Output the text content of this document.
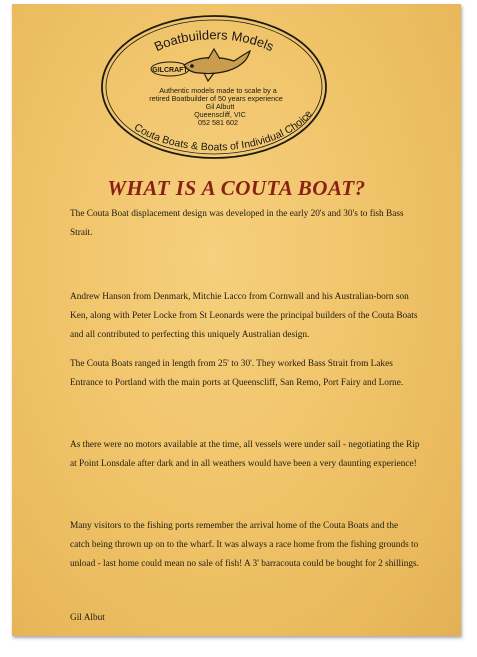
Boatbuilders Models
GILCRAFT
Authentic models made to scale by a
retired Boatbuilder of 50 years experience
Gil Albutt
Queenscliff, VIC
052 581 602
Couta Boats & Boats of Individual Choice
WHAT IS A COUTA BOAT?

The Couta Boat displacement design was developed in the early 20's and 30's to fish Bass Strait.

Andrew Hanson from Denmark, Mitchie Lacco from Cornwall and his Australian-born son Ken, along with Peter Locke from St Leonards were the principal builders of the Couta Boats and all contributed to perfecting this uniquely Australian design.

The Couta Boats ranged in length from 25' to 30'. They worked Bass Strait from Lakes Entrance to Portland with the main ports at Queenscliff, San Remo, Port Fairy and Lorne.

As there were no motors available at the time, all vessels were under sail - negotiating the Rip at Point Lonsdale after dark and in all weathers would have been a very daunting experience!

Many visitors to the fishing ports remember the arrival home of the Couta Boats and the catch being thrown up on to the wharf. It was always a race home from the fishing grounds to unload - last home could mean no sale of fish! A 3' barracouta could be bought for 2 shillings.

Gil Albut
